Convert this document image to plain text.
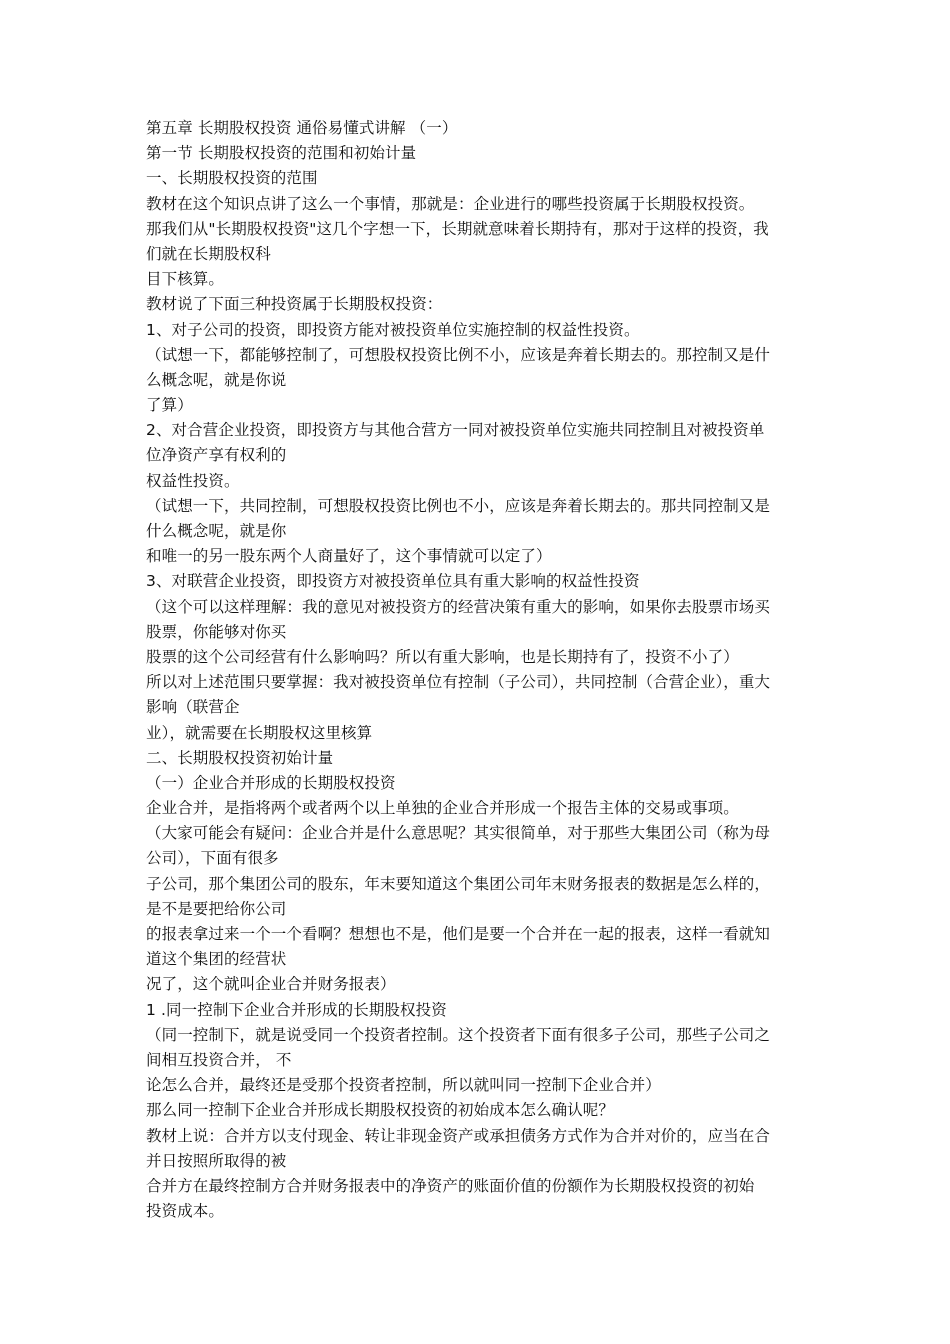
第五章 长期股权投资 通俗易懂式讲解 （一）
第一节 长期股权投资的范围和初始计量
一、长期股权投资的范围
教材在这个知识点讲了这么一个事情，那就是：企业进行的哪些投资属于长期股权投资。
那我们从"长期股权投资"这几个字想一下，长期就意味着长期持有，那对于这样的投资，我
们就在长期股权科
目下核算。
教材说了下面三种投资属于长期股权投资：
1、对子公司的投资，即投资方能对被投资单位实施控制的权益性投资。
（试想一下，都能够控制了，可想股权投资比例不小，应该是奔着长期去的。那控制又是什
么概念呢，就是你说
了算）
2、对合营企业投资，即投资方与其他合营方一同对被投资单位实施共同控制且对被投资单
位净资产享有权利的
权益性投资。
（试想一下，共同控制，可想股权投资比例也不小，应该是奔着长期去的。那共同控制又是
什么概念呢，就是你
和唯一的另一股东两个人商量好了，这个事情就可以定了）
3、对联营企业投资，即投资方对被投资单位具有重大影响的权益性投资
（这个可以这样理解：我的意见对被投资方的经营决策有重大的影响，如果你去股票市场买
股票，你能够对你买
股票的这个公司经营有什么影响吗？所以有重大影响，也是长期持有了，投资不小了）
所以对上述范围只要掌握：我对被投资单位有控制（子公司），共同控制（合营企业），重大
影响（联营企
业），就需要在长期股权这里核算
二、长期股权投资初始计量
（一）企业合并形成的长期股权投资
企业合并，是指将两个或者两个以上单独的企业合并形成一个报告主体的交易或事项。
（大家可能会有疑问：企业合并是什么意思呢？其实很简单，对于那些大集团公司（称为母
公司），下面有很多
子公司，那个集团公司的股东，年末要知道这个集团公司年末财务报表的数据是怎么样的，
是不是要把给你公司
的报表拿过来一个一个看啊？想想也不是，他们是要一个合并在一起的报表，这样一看就知
道这个集团的经营状
况了，这个就叫企业合并财务报表）
1 .同一控制下企业合并形成的长期股权投资
（同一控制下，就是说受同一个投资者控制。这个投资者下面有很多子公司，那些子公司之
间相互投资合并， 不
论怎么合并，最终还是受那个投资者控制，所以就叫同一控制下企业合并）
那么同一控制下企业合并形成长期股权投资的初始成本怎么确认呢？
教材上说：合并方以支付现金、转让非现金资产或承担债务方式作为合并对价的，应当在合
并日按照所取得的被
合并方在最终控制方合并财务报表中的净资产的账面价值的份额作为长期股权投资的初始
投资成本。
